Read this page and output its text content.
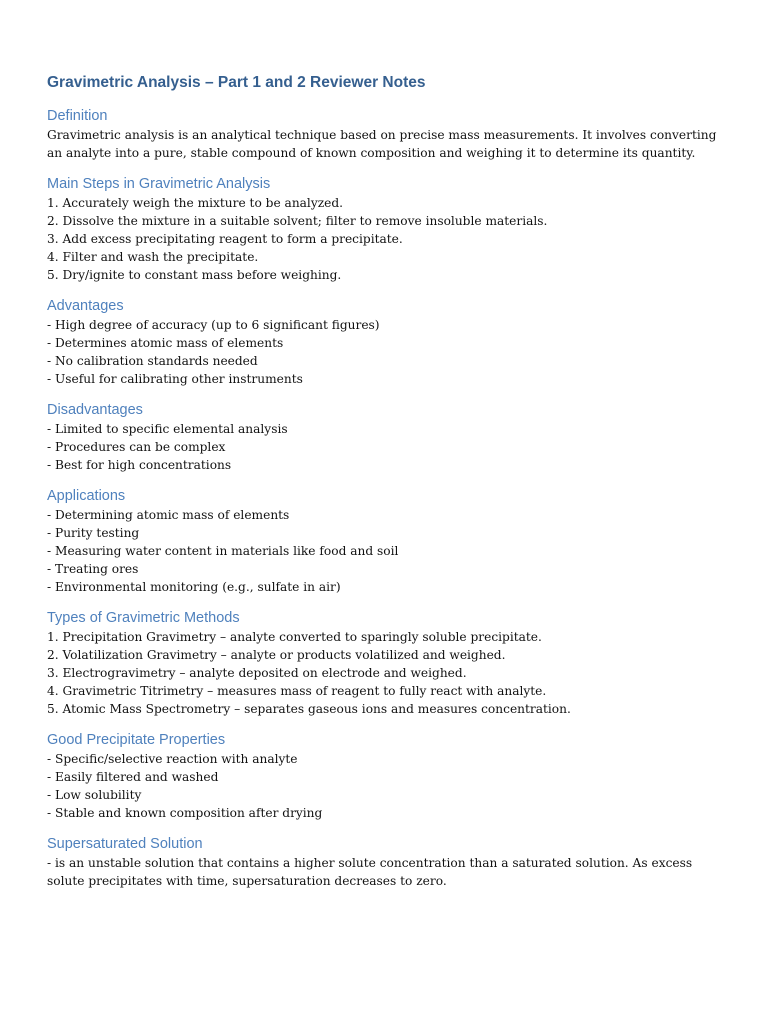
Gravimetric Analysis – Part 1 and 2 Reviewer Notes
Definition

Gravimetric analysis is an analytical technique based on precise mass measurements. It involves converting an analyte into a pure, stable compound of known composition and weighing it to determine its quantity.

Main Steps in Gravimetric Analysis
1. Accurately weigh the mixture to be analyzed.
2. Dissolve the mixture in a suitable solvent; filter to remove insoluble materials.
3. Add excess precipitating reagent to form a precipitate.
4. Filter and wash the precipitate.
5. Dry/ignite to constant mass before weighing.
Advantages
- High degree of accuracy (up to 6 significant figures)
- Determines atomic mass of elements
- No calibration standards needed
- Useful for calibrating other instruments
Disadvantages
- Limited to specific elemental analysis
- Procedures can be complex
- Best for high concentrations
Applications
- Determining atomic mass of elements
- Purity testing
- Measuring water content in materials like food and soil
- Treating ores
- Environmental monitoring (e.g., sulfate in air)
Types of Gravimetric Methods
1. Precipitation Gravimetry – analyte converted to sparingly soluble precipitate.
2. Volatilization Gravimetry – analyte or products volatilized and weighed.
3. Electrogravimetry – analyte deposited on electrode and weighed.
4. Gravimetric Titrimetry – measures mass of reagent to fully react with analyte.
5. Atomic Mass Spectrometry – separates gaseous ions and measures concentration.
Good Precipitate Properties
- Specific/selective reaction with analyte
- Easily filtered and washed
- Low solubility
- Stable and known composition after drying
Supersaturated Solution

- is an unstable solution that contains a higher solute concentration than a saturated solution. As excess solute precipitates with time, supersaturation decreases to zero.
